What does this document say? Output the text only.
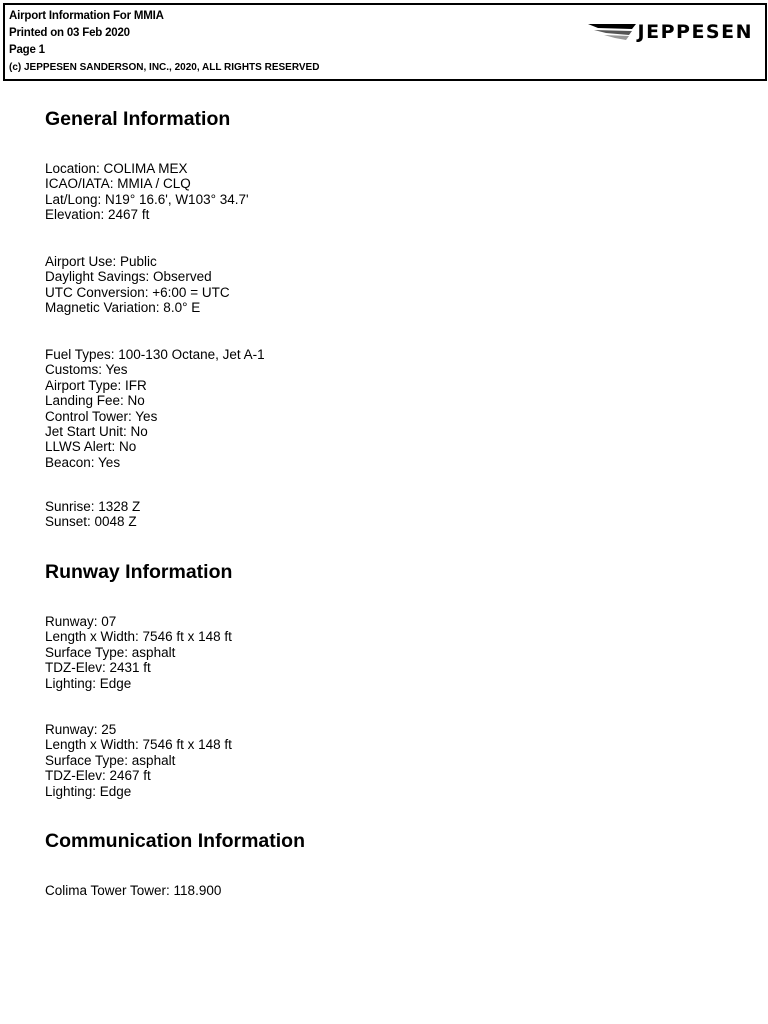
Airport Information For MMIA
Printed on 03 Feb 2020
Page 1
(c) JEPPESEN SANDERSON, INC., 2020, ALL RIGHTS RESERVED
JEPPESEN
General Information
Location: COLIMA MEX
ICAO/IATA: MMIA / CLQ
Lat/Long: N19° 16.6', W103° 34.7'
Elevation: 2467 ft
Airport Use: Public
Daylight Savings: Observed
UTC Conversion: +6:00 = UTC
Magnetic Variation: 8.0° E
Fuel Types: 100-130 Octane, Jet A-1
Customs: Yes
Airport Type: IFR
Landing Fee: No
Control Tower: Yes
Jet Start Unit: No
LLWS Alert: No
Beacon: Yes
Sunrise: 1328 Z
Sunset: 0048 Z
Runway Information
Runway: 07
Length x Width: 7546 ft x 148 ft
Surface Type: asphalt
TDZ-Elev: 2431 ft
Lighting: Edge
Runway: 25
Length x Width: 7546 ft x 148 ft
Surface Type: asphalt
TDZ-Elev: 2467 ft
Lighting: Edge
Communication Information
Colima Tower Tower: 118.900
